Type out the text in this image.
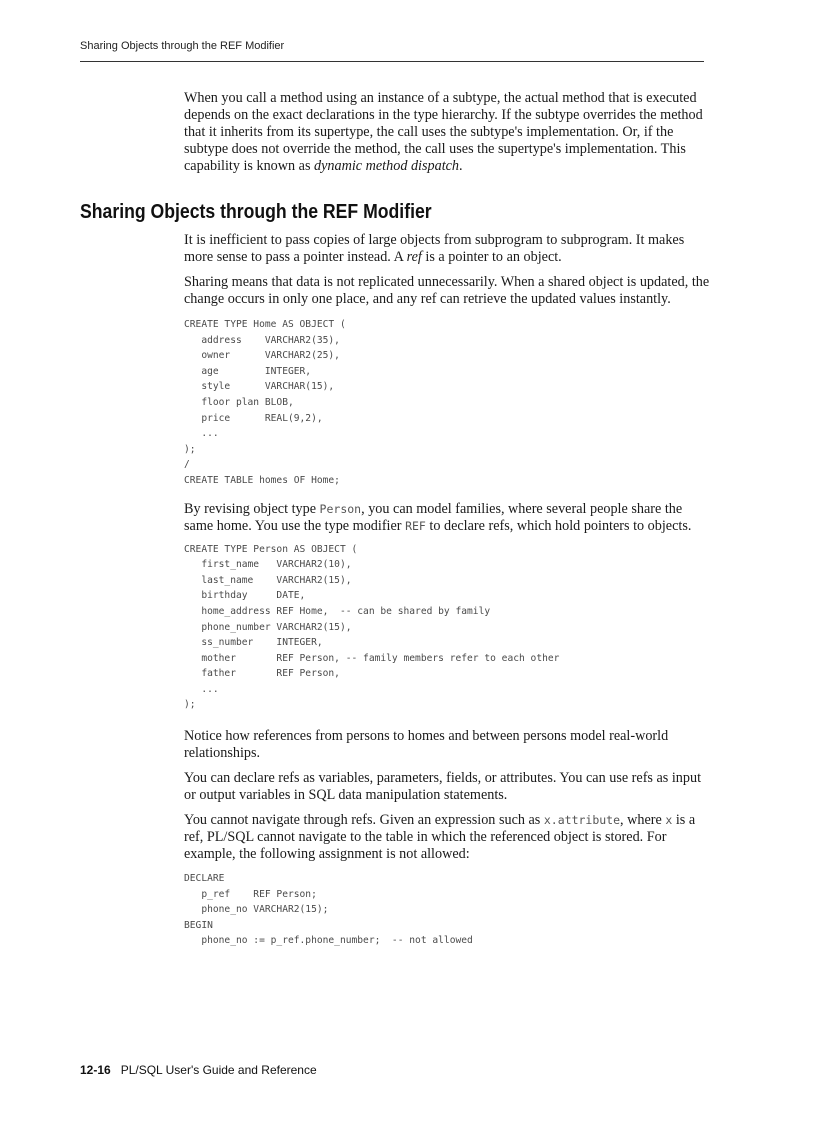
Sharing Objects through the REF Modifier

When you call a method using an instance of a subtype, the actual method that is executed depends on the exact declarations in the type hierarchy. If the subtype overrides the method that it inherits from its supertype, the call uses the subtype's implementation. Or, if the subtype does not override the method, the call uses the supertype's implementation. This capability is known as dynamic method dispatch.

Sharing Objects through the REF Modifier

It is inefficient to pass copies of large objects from subprogram to subprogram. It makes more sense to pass a pointer instead. A ref is a pointer to an object.

Sharing means that data is not replicated unnecessarily. When a shared object is updated, the change occurs in only one place, and any ref can retrieve the updated values instantly.

CREATE TYPE Home AS OBJECT (
address    VARCHAR2(35),
owner      VARCHAR2(25),
age        INTEGER,
style      VARCHAR(15),
floor plan BLOB,
price      REAL(9,2),
...
);
/
CREATE TABLE homes OF Home;

By revising object type Person, you can model families, where several people share the same home. You use the type modifier REF to declare refs, which hold pointers to objects.

CREATE TYPE Person AS OBJECT (
first_name   VARCHAR2(10),
last_name    VARCHAR2(15),
birthday     DATE,
home_address REF Home,  -- can be shared by family
phone_number VARCHAR2(15),
ss_number    INTEGER,
mother       REF Person, -- family members refer to each other
father       REF Person,
...
);

Notice how references from persons to homes and between persons model real-world relationships.

You can declare refs as variables, parameters, fields, or attributes. You can use refs as input or output variables in SQL data manipulation statements.

You cannot navigate through refs. Given an expression such as x.attribute, where x is a ref, PL/SQL cannot navigate to the table in which the referenced object is stored. For example, the following assignment is not allowed:

DECLARE
p_ref    REF Person;
phone_no VARCHAR2(15);
BEGIN
phone_no := p_ref.phone_number;  -- not allowed
12-16 PL/SQL User's Guide and Reference
